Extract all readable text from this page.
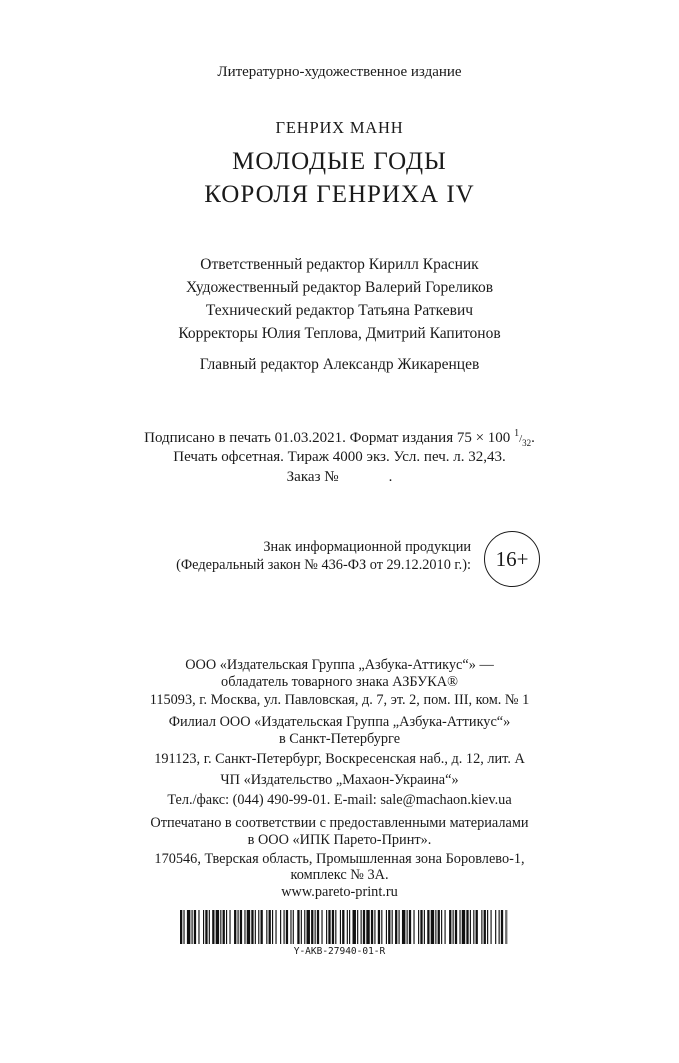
Литературно-художественное издание
ГЕНРИХ МАНН
МОЛОДЫЕ ГОДЫ
КОРОЛЯ ГЕНРИХА IV
Ответственный редактор Кирилл Красник
Художественный редактор Валерий Гореликов
Технический редактор Татьяна Раткевич
Корректоры Юлия Теплова, Дмитрий Капитонов
Главный редактор Александр Жикаренцев
Подписано в печать 01.03.2021. Формат издания 75 × 100 $1/_{32}$.
Печать офсетная. Тираж 4000 экз. Усл. печ. л. 32,43.
Заказ №	.
Знак информационной продукции
(Федеральный закон № 436-ФЗ от 29.12.2010 г.):	16+
ООО «Издательская Группа „Азбука-Аттикус“» —
обладатель товарного знака АЗБУКА®
115093, г. Москва, ул. Павловская, д. 7, эт. 2, пом. III, ком. № 1
Филиал ООО «Издательская Группа „Азбука-Аттикус“»
в Санкт-Петербурге
191123, г. Санкт-Петербург, Воскресенская наб., д. 12, лит. А
ЧП «Издательство „Махаон-Украина“»
Тел./факс: (044) 490-99-01. E-mail: sale@machaon.kiev.ua
Отпечатано в соответствии с предоставленными материалами
в ООО «ИПК Парето-Принт».
170546, Тверская область, Промышленная зона Боровлево-1,
комплекс № 3А.
www.pareto-print.ru
Y-AKB-27940-01-R
